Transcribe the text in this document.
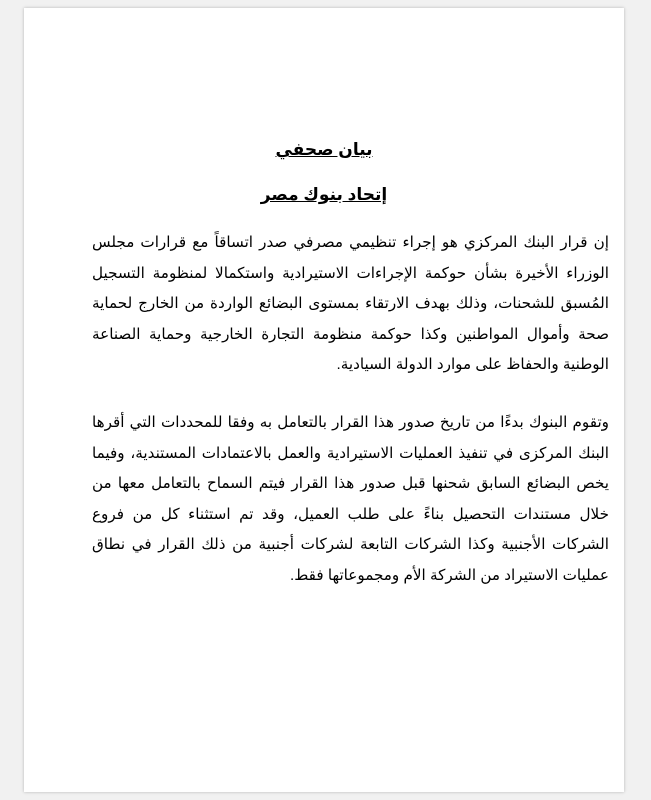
بيان صحفي
إتحاد بنوك مصر

إن قرار البنك المركزي هو إجراء تنظيمي مصرفي صدر اتساقاً مع قرارات مجلس الوزراء الأخيرة بشأن حوكمة الإجراءات الاستيرادية واستكمالا لمنظومة التسجيل المُسبق للشحنات، وذلك بهدف الارتقاء بمستوى البضائع الواردة من الخارج لحماية صحة وأموال المواطنين وكذا حوكمة منظومة التجارة الخارجية وحماية الصناعة الوطنية والحفاظ على موارد الدولة السيادية.

وتقوم البنوك بدءًا من تاريخ صدور هذا القرار بالتعامل به وفقا للمحددات التي أقرها البنك المركزى في تنفيذ العمليات الاستيرادية والعمل بالاعتمادات المستندية، وفيما يخص البضائع السابق شحنها قبل صدور هذا القرار فيتم السماح بالتعامل معها من خلال مستندات التحصيل بناءً على طلب العميل، وقد تم استثناء كل من فروع الشركات الأجنبية وكذا الشركات التابعة لشركات أجنبية من ذلك القرار في نطاق عمليات الاستيراد من الشركة الأم ومجموعاتها فقط.
